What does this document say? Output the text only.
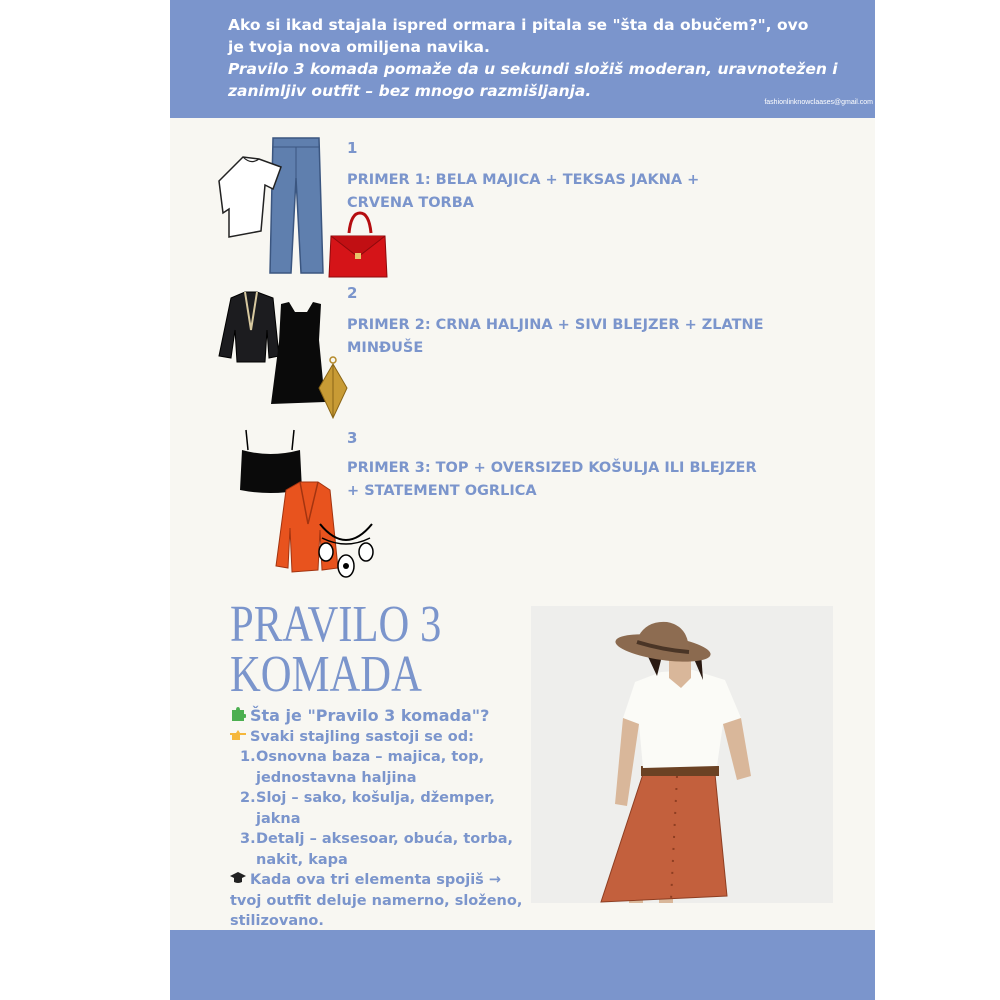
Ako si ikad stajala ispred ormara i pitala se "šta da obučem?", ovo je tvoja nova omiljena navika.
Pravilo 3 komada pomaže da u sekundi složiš moderan, uravnotežen i zanimljiv outfit – bez mnogo razmišljanja.
fashionlinknowclaases@gmail.com
1
PRIMER 1: BELA MAJICA + TEKSAS JAKNA + CRVENA TORBA
2
PRIMER 2: CRNA HALJINA + SIVI BLEJZER + ZLATNE MINĐUŠE
3
PRIMER 3: TOP + OVERSIZED KOŠULJA ILI BLEJZER + STATEMENT OGRLICA
PRAVILO 3
KOMADA
Šta je "Pravilo 3 komada"?
Svaki stajling sastoji se od:
1. Osnovna baza – majica, top, jednostavna haljina
2. Sloj – sako, košulja, džemper, jakna
3. Detalj – aksesoar, obuća, torba, nakit, kapa
Kada ova tri elementa spojiš → tvoj outfit deluje namerno, složeno, stilizovano.
